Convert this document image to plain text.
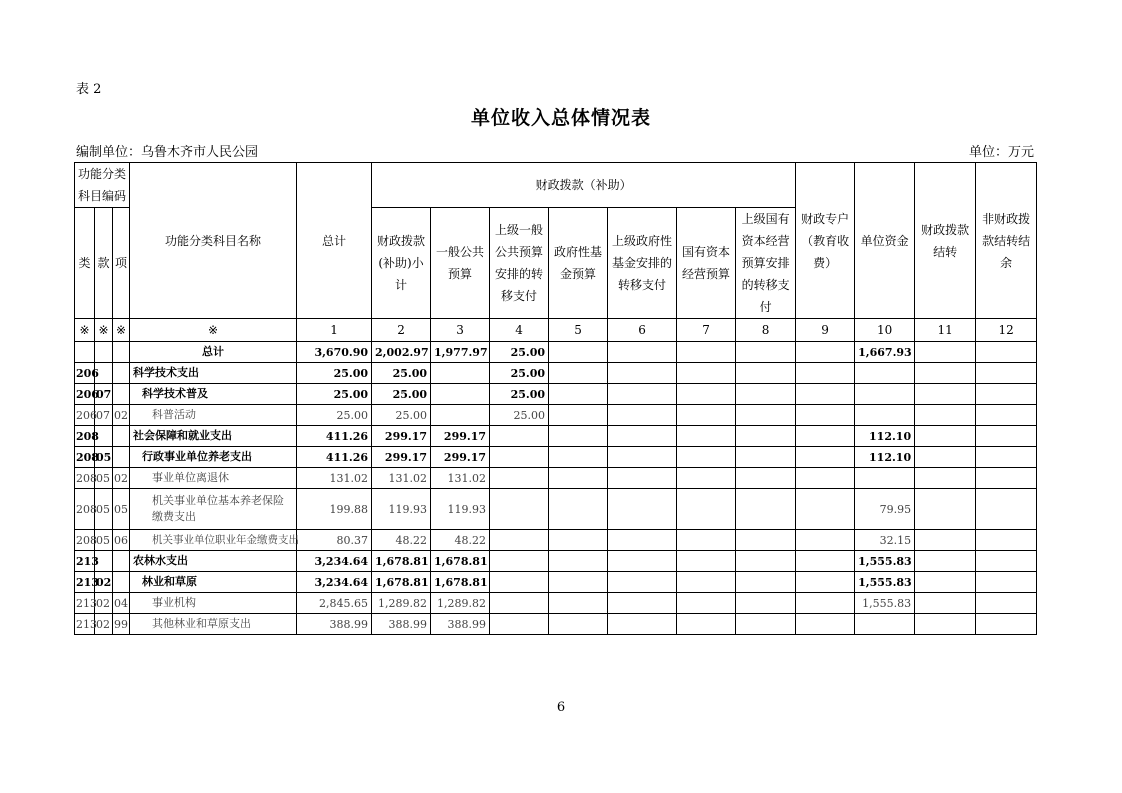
表 2
单位收入总体情况表
编制单位：乌鲁木齐市人民公园	单位：万元
功能分类科目编码			功能分类科目名称	总计	财政拨款（补助）							财政专户（教育收费）	单位资金	财政拨款结转	非财政拨款结转结余
类	款	项			财政拨款(补助)小计	一般公共预算	上级一般公共预算安排的转移支付	政府性基金预算	上级政府性基金安排的转移支付	国有资本经营预算	上级国有资本经营预算安排的转移支付				

※	※	※	※	1	2	3	4	5	6	7	8	9	10	11	12
			总计	3,670.90	2,002.97	1,977.97	25.00						1,667.93		
206			科学技术支出	25.00	25.00		25.00								
206	07		科学技术普及	25.00	25.00		25.00								
206	07	02	科普活动	25.00	25.00		25.00								
208			社会保障和就业支出	411.26	299.17	299.17							112.10		
208	05		行政事业单位养老支出	411.26	299.17	299.17							112.10		
208	05	02	事业单位离退休	131.02	131.02	131.02									
208	05	05	机关事业单位基本养老保险缴费支出	199.88	119.93	119.93							79.95		
208	05	06	机关事业单位职业年金缴费支出	80.37	48.22	48.22							32.15		
213			农林水支出	3,234.64	1,678.81	1,678.81							1,555.83		
213	02		林业和草原	3,234.64	1,678.81	1,678.81							1,555.83		
213	02	04	事业机构	2,845.65	1,289.82	1,289.82							1,555.83		
213	02	99	其他林业和草原支出	388.99	388.99	388.99									
6
